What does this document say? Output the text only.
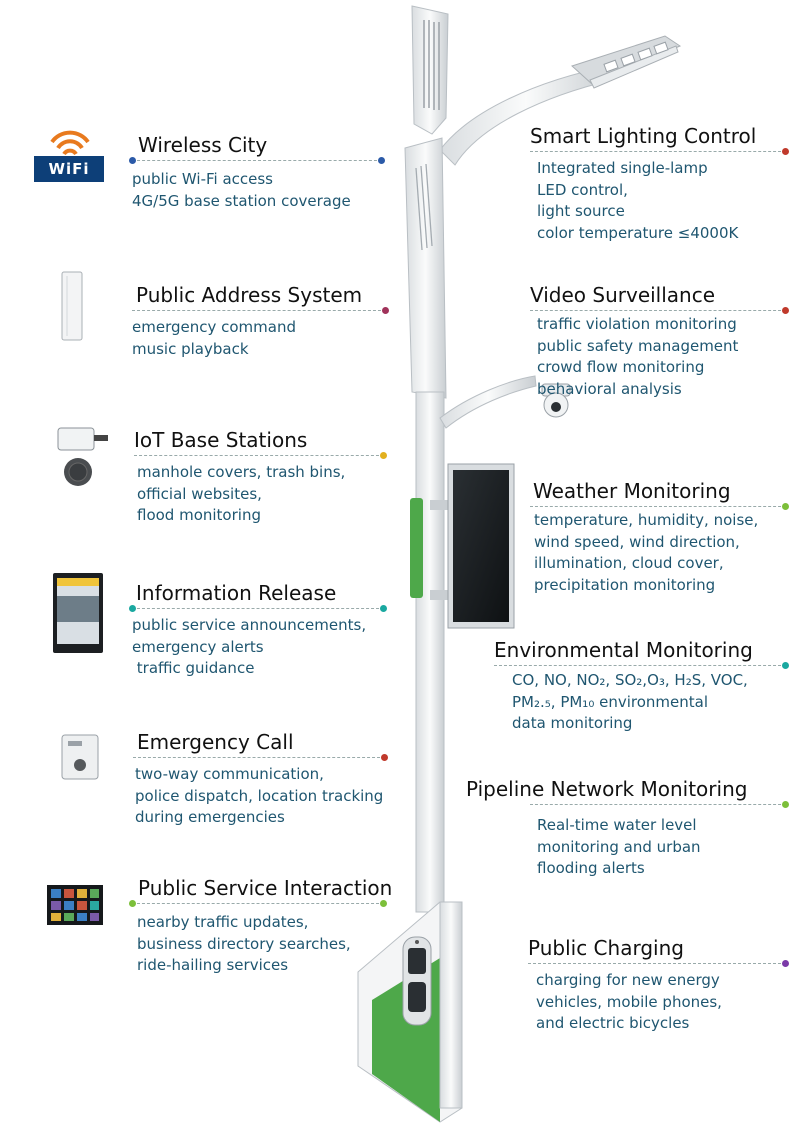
WiFi
Wireless City
public Wi-Fi access
4G/5G base station coverage
Public Address System
emergency command
music playback
IoT Base Stations
manhole covers, trash bins,
official websites,
flood monitoring
Information Release
public service announcements,
emergency alerts
traffic guidance
Emergency Call
two-way communication,
police dispatch, location tracking
during emergencies
Public Service Interaction
nearby traffic updates,
business directory searches,
ride-hailing services
Smart Lighting Control
Integrated single-lamp
LED control,
light source
color temperature ≤4000K
Video Surveillance
traffic violation monitoring
public safety management
crowd flow monitoring
behavioral analysis
Weather Monitoring
temperature, humidity, noise,
wind speed, wind direction,
illumination, cloud cover,
precipitation monitoring
Environmental Monitoring
CO, NO, NO₂, SO₂,O₃, H₂S, VOC,
PM₂.₅, PM₁₀ environmental
data monitoring
Pipeline Network Monitoring
Real-time water level
monitoring and urban
flooding alerts
Public Charging
charging for new energy
vehicles, mobile phones,
and electric bicycles
